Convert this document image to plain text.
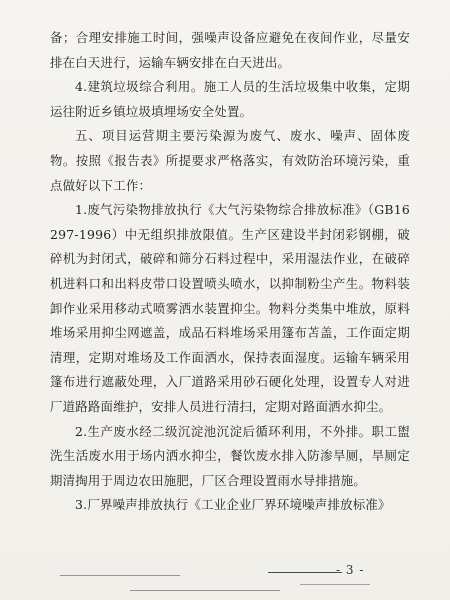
备；合理安排施工时间，强噪声设备应避免在夜间作业，尽量安排在白天进行，运输车辆安排在白天进出。

4.建筑垃圾综合利用。施工人员的生活垃圾集中收集，定期运往附近乡镇垃圾填埋场安全处置。

五、项目运营期主要污染源为废气、废水、噪声、固体废物。按照《报告表》所提要求严格落实，有效防治环境污染，重点做好以下工作：

1.废气污染物排放执行《大气污染物综合排放标准》（GB16297-1996）中无组织排放限值。生产区建设半封闭彩钢棚，破碎机为封闭式，破碎和筛分石料过程中，采用湿法作业，在破碎机进料口和出料皮带口设置喷头喷水，以抑制粉尘产生。物料装卸作业采用移动式喷雾洒水装置抑尘。物料分类集中堆放，原料堆场采用抑尘网遮盖，成品石料堆场采用篷布苫盖，工作面定期清理，定期对堆场及工作面洒水，保持表面湿度。运输车辆采用篷布进行遮蔽处理，入厂道路采用砂石硬化处理，设置专人对进厂道路路面维护，安排人员进行清扫，定期对路面洒水抑尘。

2.生产废水经二级沉淀池沉淀后循环利用，不外排。职工盥洗生活废水用于场内洒水抑尘，餐饮废水排入防渗旱厕，旱厕定期清掏用于周边农田施肥，厂区合理设置雨水导排措施。

3.厂界噪声排放执行《工业企业厂界环境噪声排放标准》

- 3 -
